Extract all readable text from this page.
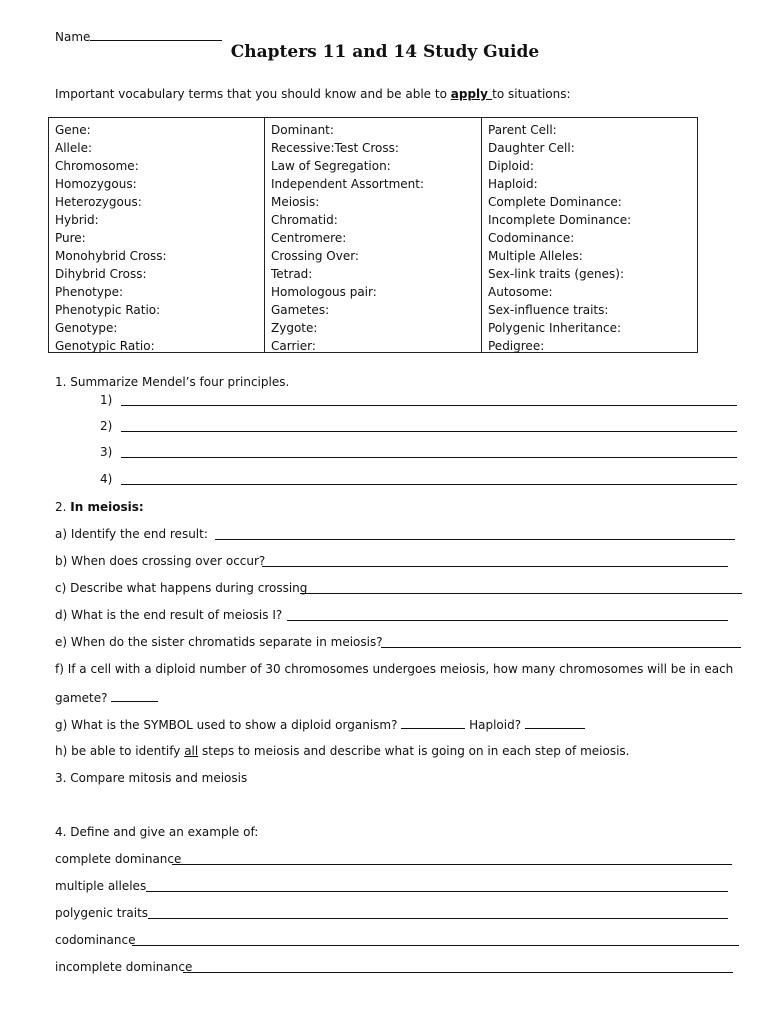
Name
Chapters 11 and 14 Study Guide
Important vocabulary terms that you should know and be able to apply to situations:
Gene:
Allele:
Chromosome:
Homozygous:
Heterozygous:
Hybrid:
Pure:
Monohybrid Cross:
Dihybrid Cross:
Phenotype:
Phenotypic Ratio:
Genotype:
Genotypic Ratio:
Dominant:
Recessive:Test Cross:
Law of Segregation:
Independent Assortment:
Meiosis:
Chromatid:
Centromere:
Crossing Over:
Tetrad:
Homologous pair:
Gametes:
Zygote:
Carrier:
Parent Cell:
Daughter Cell:
Diploid:
Haploid:
Complete Dominance:
Incomplete Dominance:
Codominance:
Multiple Alleles:
Sex-link traits (genes):
Autosome:
Sex-influence traits:
Polygenic Inheritance:
Pedigree:
1. Summarize Mendel’s four principles.
1)
2)
3)
4)
2. In meiosis:
a) Identify the end result:
b) When does crossing over occur?
c) Describe what happens during crossing
d) What is the end result of meiosis I?
e) When do the sister chromatids separate in meiosis?
f) If a cell with a diploid number of 30 chromosomes undergoes meiosis, how many chromosomes will be in each
gamete?
g) What is the SYMBOL used to show a diploid organism?	Haploid?
h) be able to identify all steps to meiosis and describe what is going on in each step of meiosis.
3. Compare mitosis and meiosis
4. Define and give an example of:
complete dominance
multiple alleles
polygenic traits
codominance
incomplete dominance
